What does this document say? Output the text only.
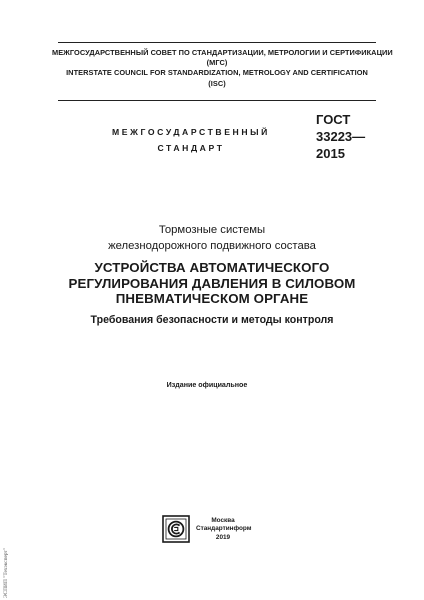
МЕЖГОСУДАРСТВЕННЫЙ СОВЕТ ПО СТАНДАРТИЗАЦИИ, МЕТРОЛОГИИ И СЕРТИФИКАЦИИ
(МГС)
INTERSTATE COUNCIL FOR STANDARDIZATION, METROLOGY AND CERTIFICATION
(ISC)
МЕЖГОСУДАРСТВЕННЫЙ
СТАНДАРТ
ГОСТ
33223—
2015
Тормозные системы
железнодорожного подвижного состава
УСТРОЙСТВА АВТОМАТИЧЕСКОГО
РЕГУЛИРОВАНИЯ ДАВЛЕНИЯ В СИЛОВОМ
ПНЕВМАТИЧЕСКОМ ОРГАНЕ
Требования безопасности и методы контроля
Издание официальное
Москва
Стандартинформ
2019
ЭСПИП "Техэксперт"
